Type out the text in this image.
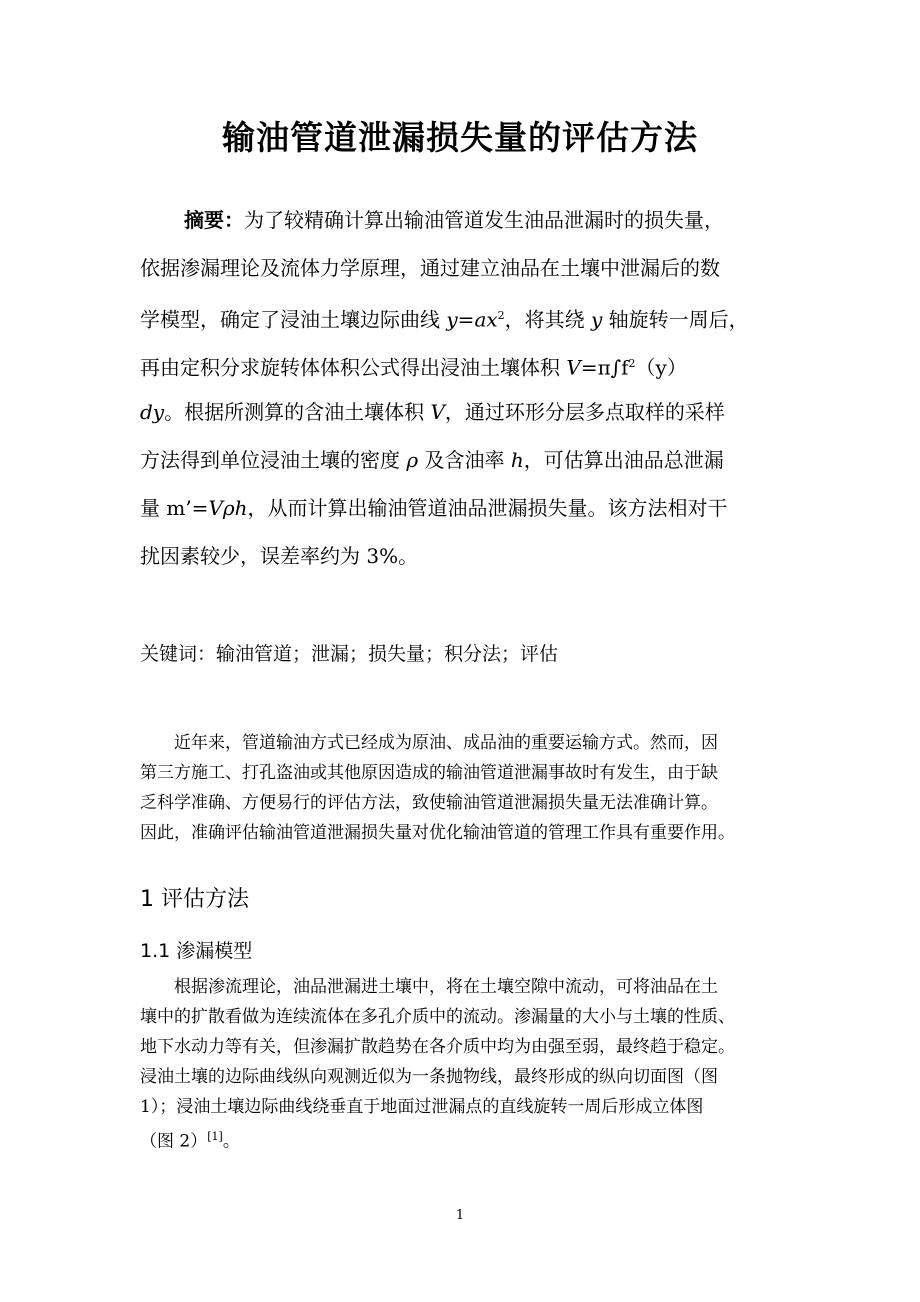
输油管道泄漏损失量的评估方法
摘要：为了较精确计算出输油管道发生油品泄漏时的损失量，
依据渗漏理论及流体力学原理，通过建立油品在土壤中泄漏后的数
学模型，确定了浸油土壤边际曲线 $y=ax^2$，将其绕 y 轴旋转一周后，
再由定积分求旋转体体积公式得出浸油土壤体积 $V=\pi\int f^2(y)$
dy。根据所测算的含油土壤体积 V，通过环形分层多点取样的采样
方法得到单位浸油土壤的密度 ρ 及含油率 h，可估算出油品总泄漏
量 m’=Vρh，从而计算出输油管道油品泄漏损失量。该方法相对干
扰因素较少，误差率约为 3%。
关键词：输油管道；泄漏；损失量；积分法；评估
近年来，管道输油方式已经成为原油、成品油的重要运输方式。然而，因
第三方施工、打孔盗油或其他原因造成的输油管道泄漏事故时有发生，由于缺
乏科学准确、方便易行的评估方法，致使输油管道泄漏损失量无法准确计算。
因此，准确评估输油管道泄漏损失量对优化输油管道的管理工作具有重要作用。
1 评估方法
1.1 渗漏模型
根据渗流理论，油品泄漏进土壤中，将在土壤空隙中流动，可将油品在土
壤中的扩散看做为连续流体在多孔介质中的流动。渗漏量的大小与土壤的性质、
地下水动力等有关，但渗漏扩散趋势在各介质中均为由强至弱，最终趋于稳定。
浸油土壤的边际曲线纵向观测近似为一条抛物线，最终形成的纵向切面图（图
1）；浸油土壤边际曲线绕垂直于地面过泄漏点的直线旋转一周后形成立体图
（图 2）[1]。
1
